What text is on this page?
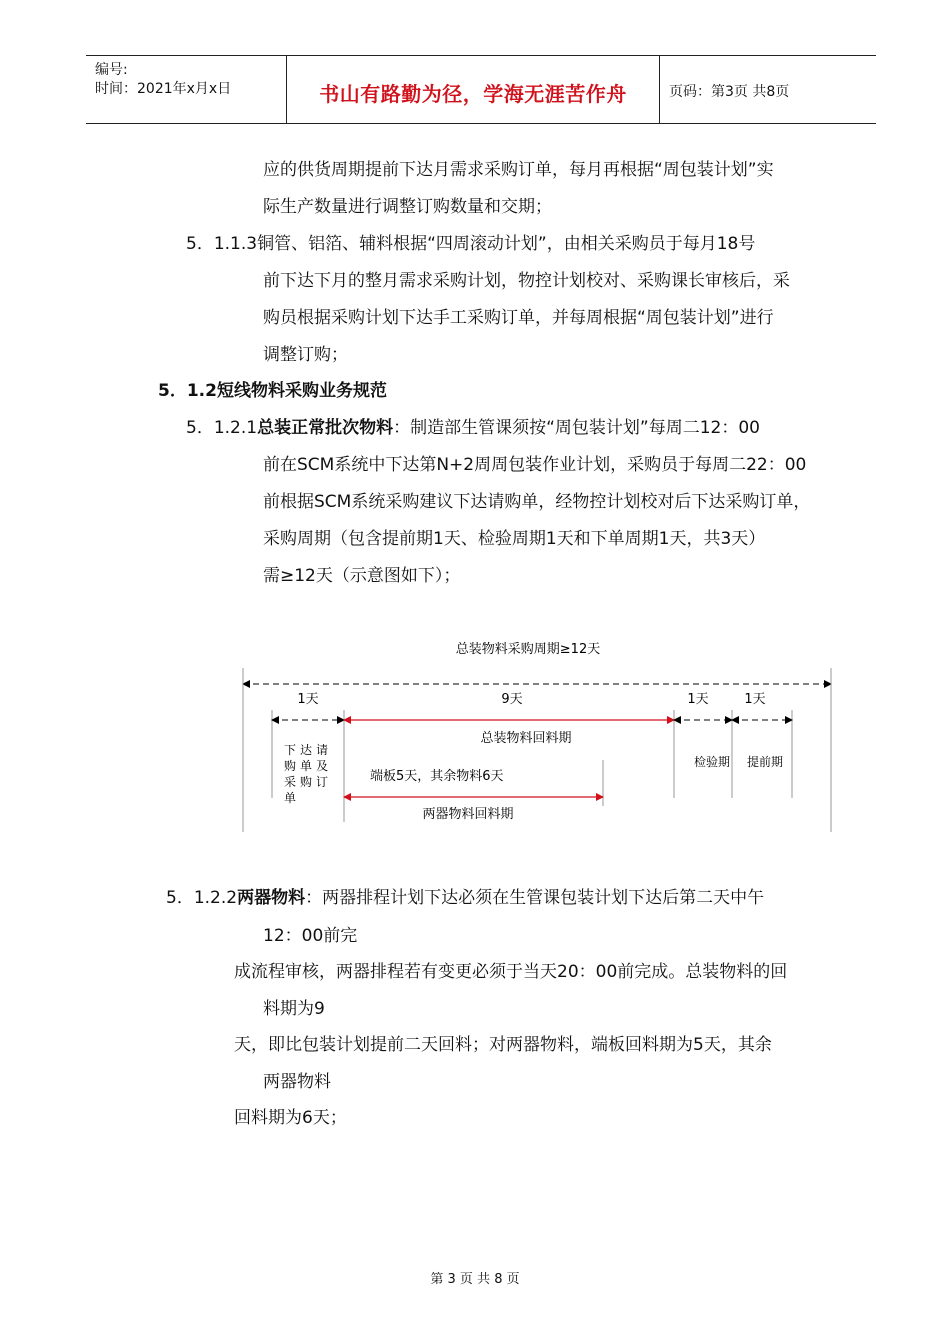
编号:
时间：2021年x月x日	书山有路勤为径，学海无涯苦作舟	页码：第3页 共8页
应的供货周期提前下达月需求采购订单，每月再根据“周包装计划”实
际生产数量进行调整订购数量和交期；
5．1.1.3铜管、铝箔、辅料根据“四周滚动计划”，由相关采购员于每月18号
前下达下月的整月需求采购计划，物控计划校对、采购课长审核后，采
购员根据采购计划下达手工采购订单，并每周根据“周包装计划”进行
调整订购；
5．1.2短线物料采购业务规范
5．1.2.1总装正常批次物料：制造部生管课须按“周包装计划”每周二12：00
前在SCM系统中下达第N+2周周包装作业计划，采购员于每周二22：00
前根据SCM系统采购建议下达请购单，经物控计划校对后下达采购订单，
采购周期（包含提前期1天、检验周期1天和下单周期1天，共3天）
需≥12天（示意图如下）；
总装物料采购周期≥12天
1天	9天	1天	1天
总装物料回料期
检验期 提前期
下达请
购单及
采购订
单
端板5天，其余物料6天
两器物料回料期
5．1.2.2两器物料：两器排程计划下达必须在生管课包装计划下达后第二天中午
12：00前完
成流程审核，两器排程若有变更必须于当天20：00前完成。总装物料的回
料期为9
天，即比包装计划提前二天回料；对两器物料，端板回料期为5天，其余
两器物料
回料期为6天；
第 3 页 共 8 页
